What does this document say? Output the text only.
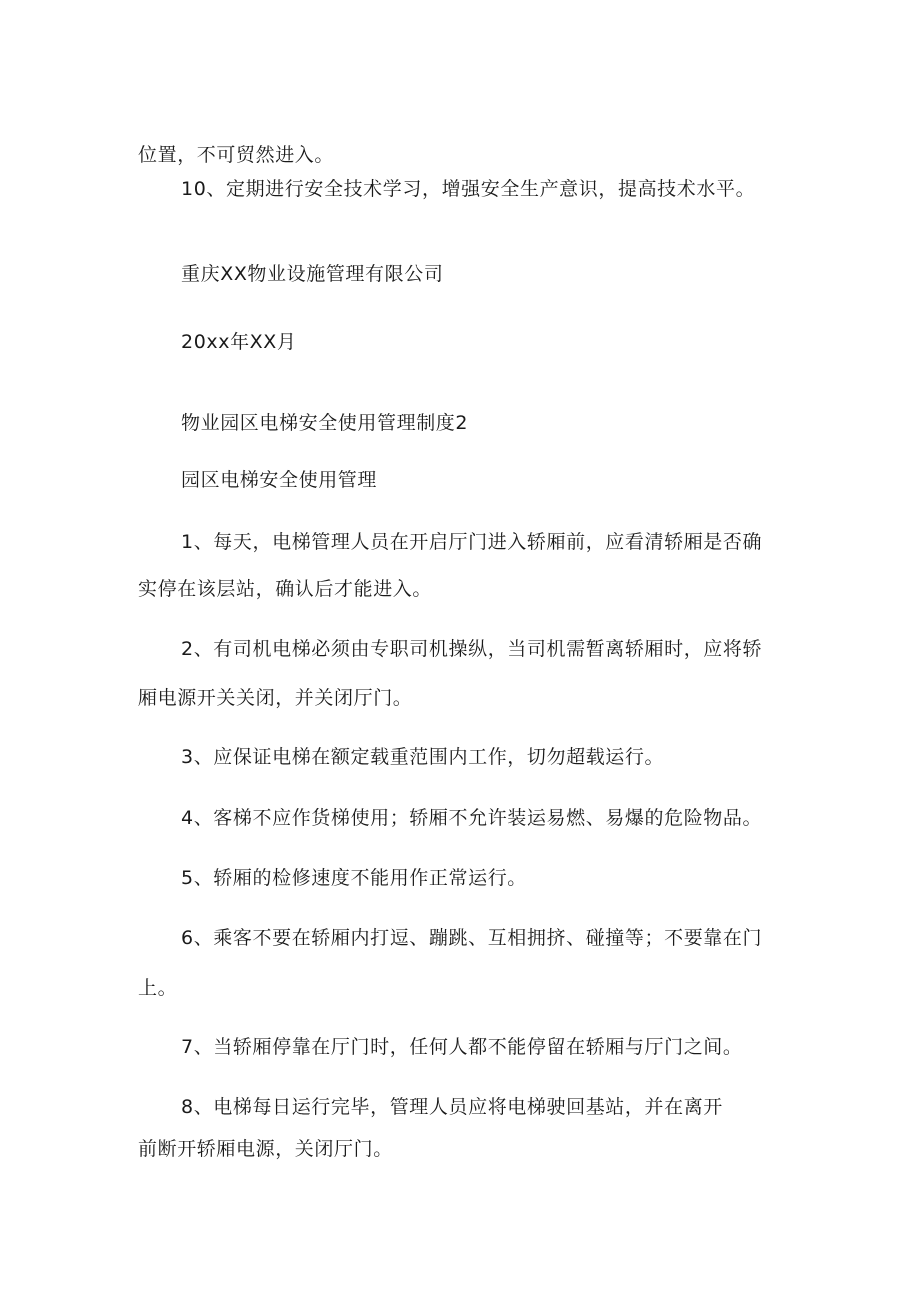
位置，不可贸然进入。
10、定期进行安全技术学习，增强安全生产意识，提高技术水平。
重庆XX物业设施管理有限公司
20xx年XX月
物业园区电梯安全使用管理制度2
园区电梯安全使用管理
1、每天，电梯管理人员在开启厅门进入轿厢前，应看清轿厢是否确
实停在该层站，确认后才能进入。
2、有司机电梯必须由专职司机操纵，当司机需暂离轿厢时，应将轿
厢电源开关关闭，并关闭厅门。
3、应保证电梯在额定载重范围内工作，切勿超载运行。
4、客梯不应作货梯使用；轿厢不允许装运易燃、易爆的危险物品。
5、轿厢的检修速度不能用作正常运行。
6、乘客不要在轿厢内打逗、蹦跳、互相拥挤、碰撞等；不要靠在门
上。
7、当轿厢停靠在厅门时，任何人都不能停留在轿厢与厅门之间。
8、电梯每日运行完毕，管理人员应将电梯驶回基站，并在离开
前断开轿厢电源，关闭厅门。
